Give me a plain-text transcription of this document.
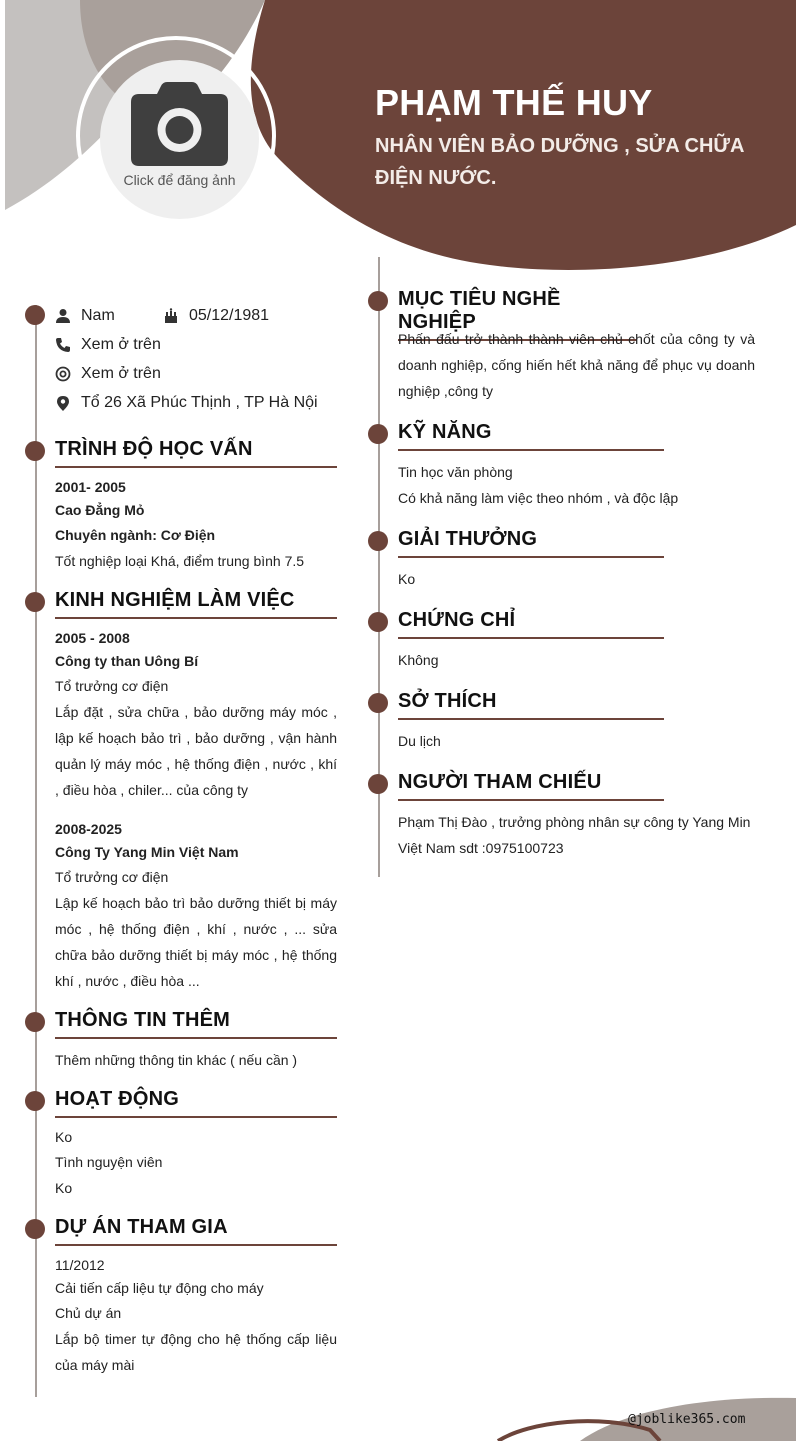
Click để đăng ảnh
PHẠM THẾ HUY
NHÂN VIÊN BẢO DƯỠNG , SỬA CHỮA ĐIỆN NƯỚC.
Nam	05/12/1981
Xem ở trên
Xem ở trên
Tổ 26 Xã Phúc Thịnh , TP Hà Nội
TRÌNH ĐỘ HỌC VẤN
2001- 2005
Cao Đẳng Mỏ
Chuyên ngành: Cơ Điện
Tốt nghiệp loại Khá, điểm trung bình 7.5
KINH NGHIỆM LÀM VIỆC
2005 - 2008
Công ty than Uông Bí
Tổ trưởng cơ điện
Lắp đặt , sửa chữa , bảo dưỡng máy móc , lập kế hoạch bảo trì , bảo dưỡng , vận hành quản lý máy móc , hệ thống điện , nước , khí , điều hòa , chiler... của công ty
2008-2025
Công Ty Yang Min Việt Nam
Tổ trưởng cơ điện
Lập kế hoạch bảo trì bảo dưỡng thiết bị máy móc , hệ thống điện , khí , nước , ... sửa chữa bảo dưỡng thiết bị máy móc , hệ thống khí , nước , điều hòa ...
THÔNG TIN THÊM
Thêm những thông tin khác ( nếu cần )
HOẠT ĐỘNG
Ko
Tình nguyện viên
Ko
DỰ ÁN THAM GIA
11/2012
Cải tiến cấp liệu tự động cho máy
Chủ dự án
Lắp bộ timer tự động cho hệ thống cấp liệu của máy mài
MỤC TIÊU NGHỀ NGHIỆP
Phấn đấu trở thành thành viên chủ chốt của công ty và doanh nghiệp, cống hiến hết khả năng để phục vụ doanh nghiệp ,công ty
KỸ NĂNG
Tin học văn phòng
Có khả năng làm việc theo nhóm , và độc lập
GIẢI THƯỞNG
Ko
CHỨNG CHỈ
Không
SỞ THÍCH
Du lịch
NGƯỜI THAM CHIẾU
Phạm Thị Đào , trưởng phòng nhân sự công ty Yang Min Việt Nam sdt :0975100723
@joblike365.com
